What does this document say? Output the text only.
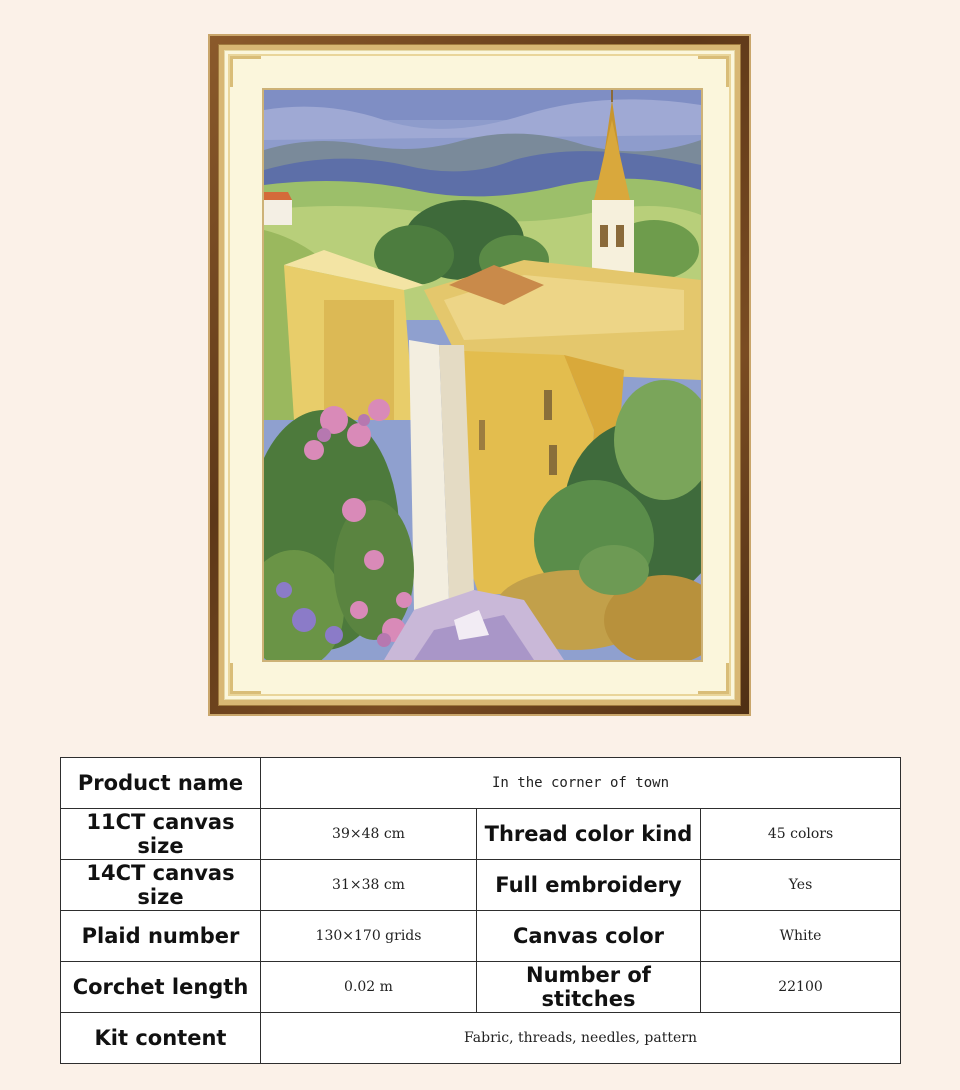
Product name	In the corner of town		
11CT canvas size	39×48 cm	Thread color kind	45 colors
14CT canvas size	31×38 cm	Full embroidery	Yes
Plaid number	130×170 grids	Canvas color	White
Corchet length	0.02 m	Number of stitches	22100
Kit content	Fabric, threads, needles, pattern		
